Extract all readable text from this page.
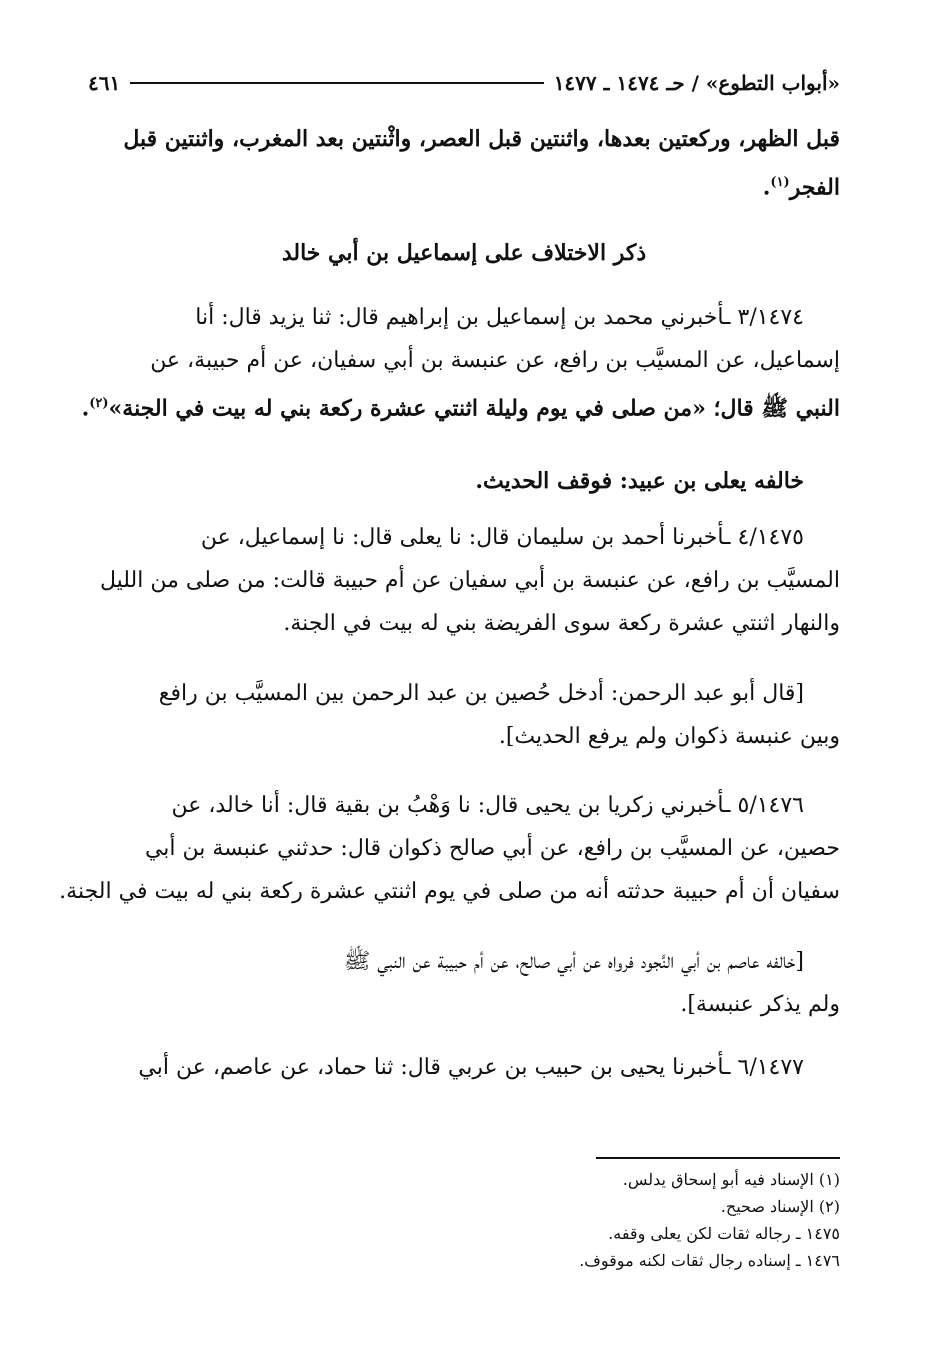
«أبواب التطوع» / حـ ١٤٧٤ ـ ١٤٧٧
٤٦١
قبل الظهر، وركعتين بعدها، واثنتين قبل العصر، واثْنتين بعد المغرب، واثنتين قبل
الفجر$^{(١)}$.
ذكر الاختلاف على إسماعيل بن أبي خالد
٣/١٤٧٤ ـأخبرني محمد بن إسماعيل بن إبراهيم قال: ثنا يزيد قال: أنا
إسماعيل، عن المسيَّب بن رافع، عن عنبسة بن أبي سفيان، عن أم حبيبة، عن
النبي ﷺ قال؛ «من صلى في يوم وليلة اثنتي عشرة ركعة بني له بيت في الجنة»$^{(٢)}$.
خالفه يعلى بن عبيد: فوقف الحديث.
٤/١٤٧٥ ـأخبرنا أحمد بن سليمان قال: نا يعلى قال: نا إسماعيل، عن
المسيَّب بن رافع، عن عنبسة بن أبي سفيان عن أم حبيبة قالت: من صلى من الليل
والنهار اثنتي عشرة ركعة سوى الفريضة بني له بيت في الجنة.
[قال أبو عبد الرحمن: أدخل حُصين بن عبد الرحمن بين المسيَّب بن رافع
وبين عنبسة ذكوان ولم يرفع الحديث].
٥/١٤٧٦ ـأخبرني زكريا بن يحيى قال: نا وَهْبُ بن بقية قال: أنا خالد، عن
حصين، عن المسيَّب بن رافع، عن أبي صالح ذكوان قال: حدثني عنبسة بن أبي
سفيان أن أم حبيبة حدثته أنه من صلى في يوم اثنتي عشرة ركعة بني له بيت في الجنة.
[خالفه عاصم بن أبي النَّجود فرواه عن أبي صالح، عن أم حبيبة عن النبي ﷺ
ولم يذكر عنبسة].
٦/١٤٧٧ ـأخبرنا يحيى بن حبيب بن عربي قال: ثنا حماد، عن عاصم، عن أبي
(١) الإسناد فيه أبو إسحاق يدلس.
(٢) الإسناد صحيح.
١٤٧٥ ـ رجاله ثقات لكن يعلى وقفه.
١٤٧٦ ـ إسناده رجال ثقات لكنه موقوف.
